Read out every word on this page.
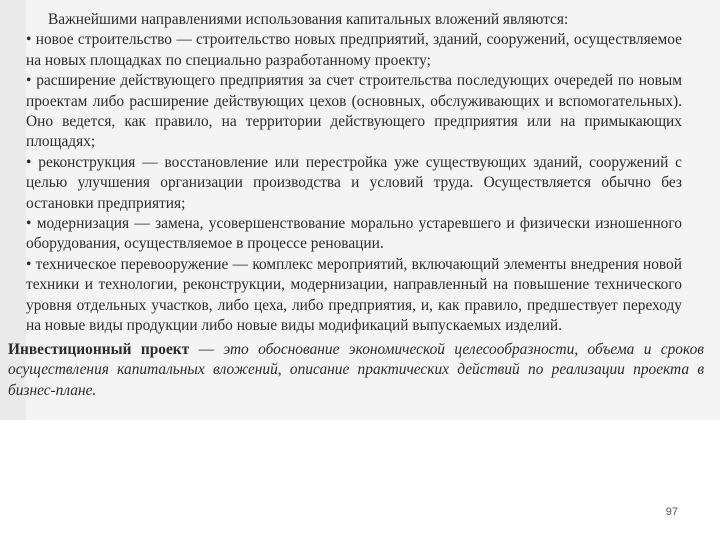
Важнейшими направлениями использования капитальных вложений являются:

• новое строительство — строительство новых предприятий, зданий, сооружений, осуществляемое на новых площадках по специально разработанному проекту;

• расширение действующего предприятия за счет строительства последующих очередей по новым проектам либо расширение действующих цехов (основных, обслуживающих и вспомогательных). Оно ведется, как правило, на территории действующего предприятия или на примыкающих площадях;

• реконструкция — восстановление или перестройка уже существующих зданий, сооружений с целью улучшения организации производства и условий труда. Осуществляется обычно без остановки предприятия;

• модернизация — замена, усовершенствование морально устаревшего и физически изношенного оборудования, осуществляемое в процессе реновации.

• техническое перевооружение — комплекс мероприятий, включающий элементы внедрения новой техники и технологии, реконструкции, модернизации, направленный на повышение технического уровня отдельных участков, либо цеха, либо предприятия, и, как правило, предшествует переходу на новые виды продукции либо новые виды модификаций выпускаемых изделий.

Инвестиционный проект — это обоснование экономической целесообразности, объема и сроков осуществления капитальных вложений, описание практических действий по реализации проекта в бизнес-плане.
97
